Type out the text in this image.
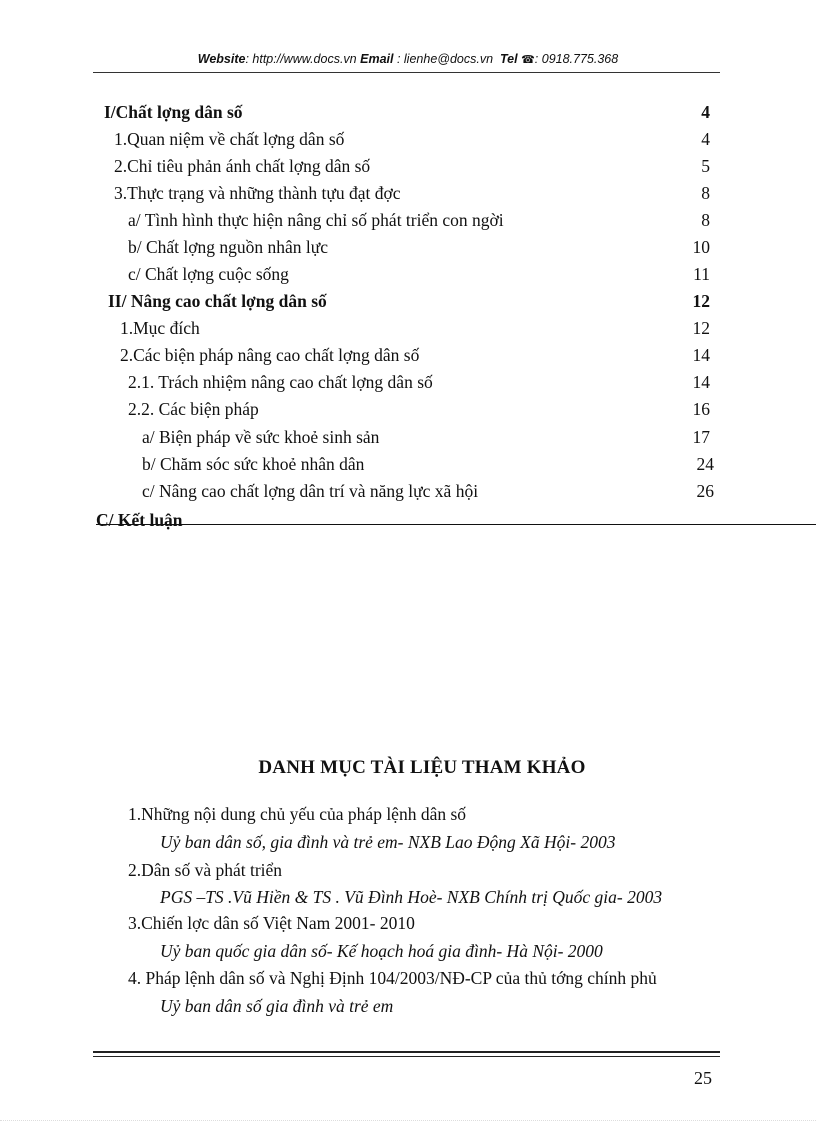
Website: http://www.docs.vn Email : lienhe@docs.vn Tel ☎: 0918.775.368
I/Chất lợng dân số	4
1.Quan niệm về chất lợng dân số	4
2.Chỉ tiêu phản ánh chất lợng dân số	5
3.Thực trạng và những thành tựu đạt đợc	8
a/ Tình hình thực hiện nâng chỉ số phát triển con ngời	8
b/ Chất lợng nguồn nhân lực	10
c/ Chất lợng cuộc sống	11
II/ Nâng cao chất lợng dân số	12
1.Mục đích	12
2.Các biện pháp nâng cao chất lợng dân số	14
2.1. Trách nhiệm nâng cao chất lợng dân số	14
2.2. Các biện pháp	16
a/ Biện pháp về sức khoẻ sinh sản	17
b/ Chăm sóc sức khoẻ nhân dân	24
c/ Nâng cao chất lợng dân trí và năng lực xã hội	26
C/ Kết luận
DANH MỤC TÀI LIỆU THAM KHẢO
1.Những nội dung chủ yếu của pháp lệnh dân số
Uỷ ban dân số, gia đình và trẻ em- NXB Lao Động Xã Hội- 2003
2.Dân số và phát triển
PGS –TS .Vũ Hiền & TS . Vũ Đình Hoè- NXB Chính trị Quốc gia- 2003
3.Chiến lợc dân số Việt Nam 2001- 2010
Uỷ ban quốc gia dân số- Kế hoạch hoá gia đình- Hà Nội- 2000
4. Pháp lệnh dân số và Nghị Định 104/2003/NĐ-CP của thủ tớng chính phủ
Uỷ ban dân số gia đình và trẻ em
25
